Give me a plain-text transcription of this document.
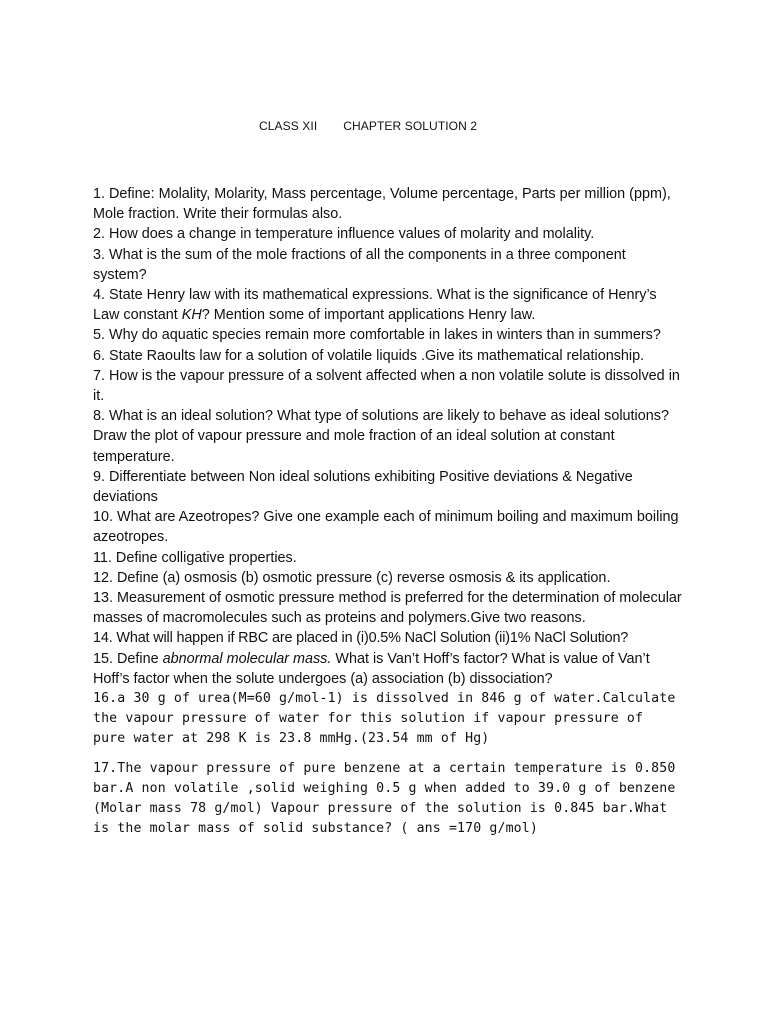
CLASS XII CHAPTER SOLUTION 2

1. Define: Molality, Molarity, Mass percentage, Volume percentage, Parts per million (ppm), Mole fraction. Write their formulas also.

2. How does a change in temperature influence values of molarity and molality.

3. What is the sum of the mole fractions of all the components in a three component system?

4. State Henry law with its mathematical expressions. What is the significance of Henry’s Law constant KH? Mention some of important applications Henry law.

5. Why do aquatic species remain more comfortable in lakes in winters than in summers?

6. State Raoults law for a solution of volatile liquids .Give its mathematical relationship.

7. How is the vapour pressure of a solvent affected when a non volatile solute is dissolved in it.

8. What is an ideal solution? What type of solutions are likely to behave as ideal solutions? Draw the plot of vapour pressure and mole fraction of an ideal solution at constant temperature.

9. Differentiate between Non ideal solutions exhibiting Positive deviations & Negative deviations

10. What are Azeotropes? Give one example each of minimum boiling and maximum boiling azeotropes.

11. Define colligative properties.

12. Define (a) osmosis (b) osmotic pressure (c) reverse osmosis & its application.

13. Measurement of osmotic pressure method is preferred for the determination of molecular masses of macromolecules such as proteins and polymers.Give two reasons.

14. What will happen if RBC are placed in (i)0.5% NaCl Solution (ii)1% NaCl Solution?

15. Define abnormal molecular mass. What is Van’t Hoff’s factor? What is value of Van’t Hoff’s factor when the solute undergoes (a) association (b) dissociation?

16.a 30 g of urea(M=60 g/mol-1) is dissolved in 846 g of water.Calculate the vapour pressure of water for this solution if vapour pressure of pure water at 298 K is 23.8 mmHg.(23.54 mm of Hg)

17.The vapour pressure of pure benzene at a certain temperature is 0.850 bar.A non volatile ,solid weighing 0.5 g when added to 39.0 g of benzene (Molar mass 78 g/mol) Vapour pressure of the solution is 0.845 bar.What is the molar mass of solid substance? ( ans =170 g/mol)
